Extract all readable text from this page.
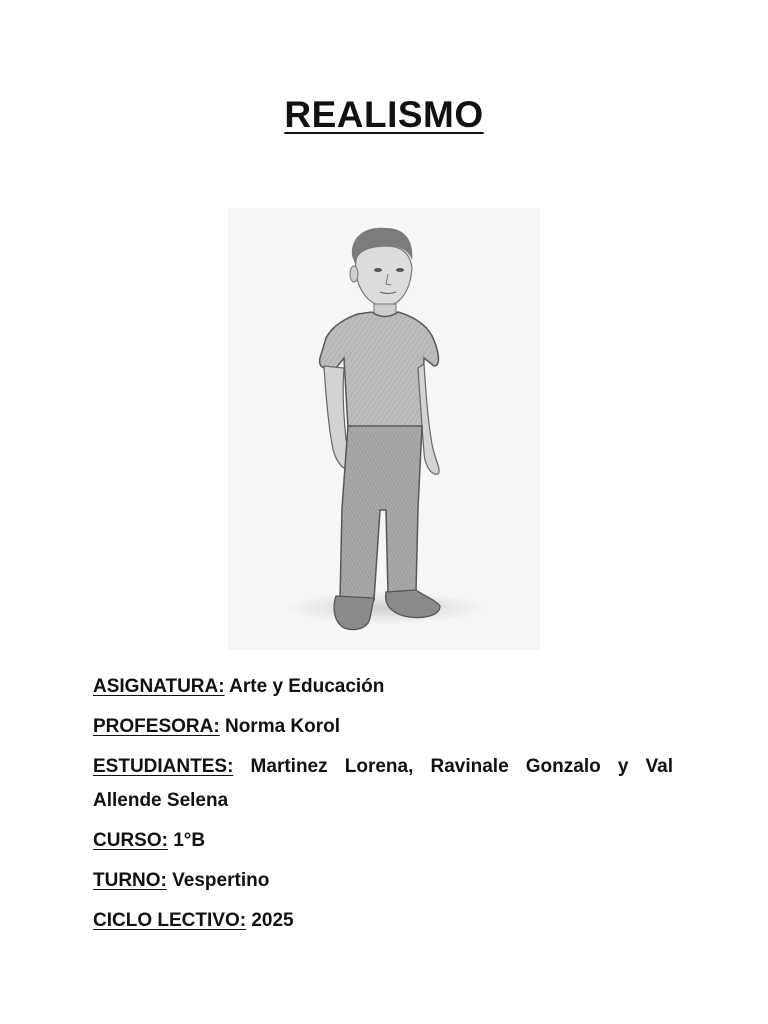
REALISMO

ASIGNATURA: Arte y Educación

PROFESORA: Norma Korol

ESTUDIANTES: Martinez Lorena, Ravinale Gonzalo y Val Allende Selena

CURSO: 1°B

TURNO: Vespertino

CICLO LECTIVO: 2025
